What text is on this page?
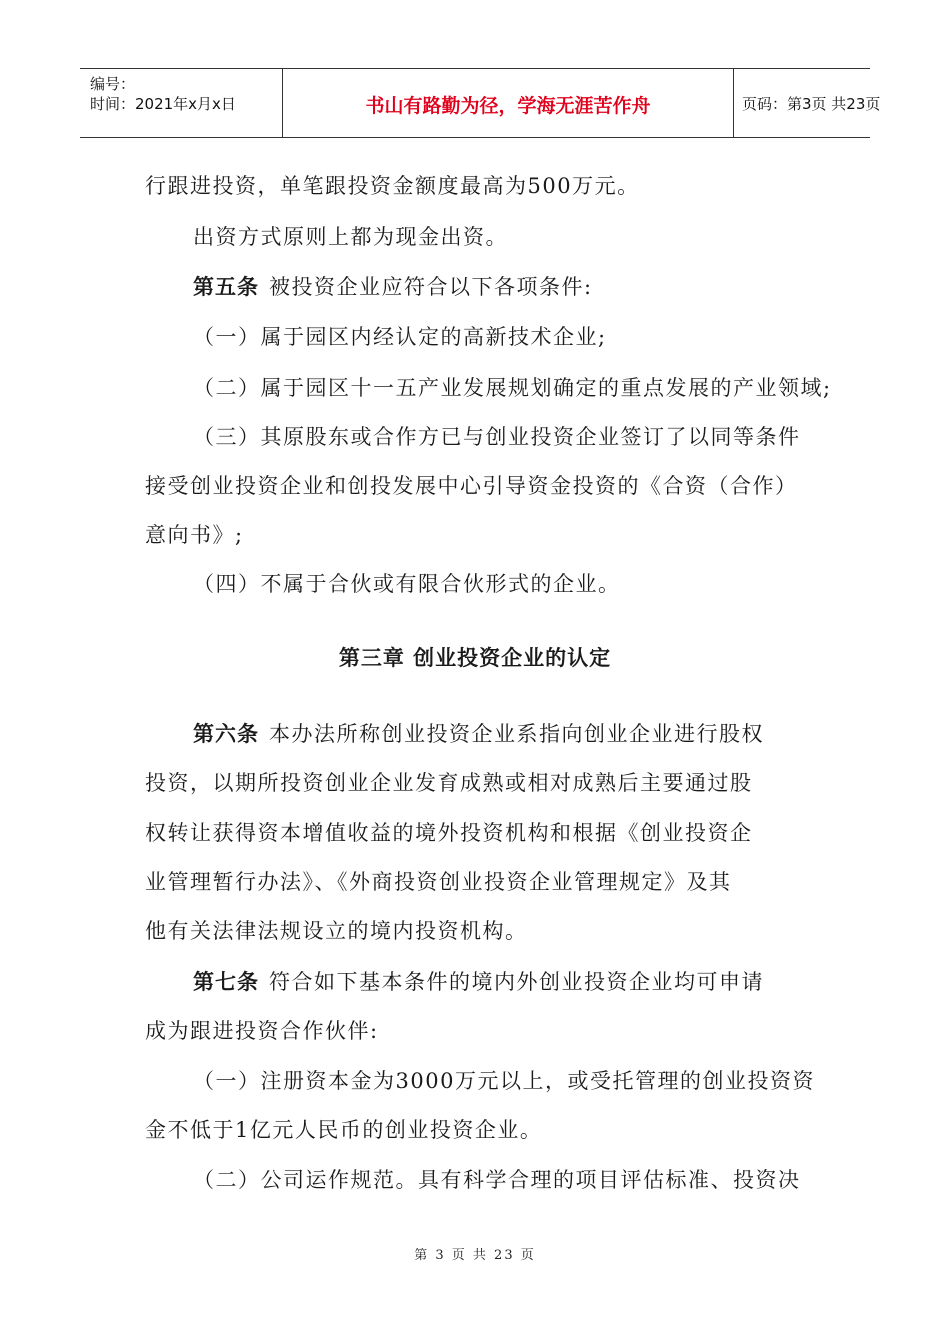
编号：
时间：2021年x月x日	书山有路勤为径，学海无涯苦作舟	页码：第3页 共23页
行跟进投资，单笔跟投资金额度最高为500万元。
出资方式原则上都为现金出资。
第五条 被投资企业应符合以下各项条件:
（一）属于园区内经认定的高新技术企业;
（二）属于园区十一五产业发展规划确定的重点发展的产业领域;
（三）其原股东或合作方已与创业投资企业签订了以同等条件
接受创业投资企业和创投发展中心引导资金投资的《合资（合作）
意向书》;
（四）不属于合伙或有限合伙形式的企业。
第三章 创业投资企业的认定
第六条 本办法所称创业投资企业系指向创业企业进行股权
投资，以期所投资创业企业发育成熟或相对成熟后主要通过股
权转让获得资本增值收益的境外投资机构和根据《创业投资企
业管理暂行办法》、《外商投资创业投资企业管理规定》及其
他有关法律法规设立的境内投资机构。
第七条 符合如下基本条件的境内外创业投资企业均可申请
成为跟进投资合作伙伴:
（一）注册资本金为3000万元以上，或受托管理的创业投资资
金不低于1亿元人民币的创业投资企业。
（二）公司运作规范。具有科学合理的项目评估标准、投资决
第 3 页 共 23 页
